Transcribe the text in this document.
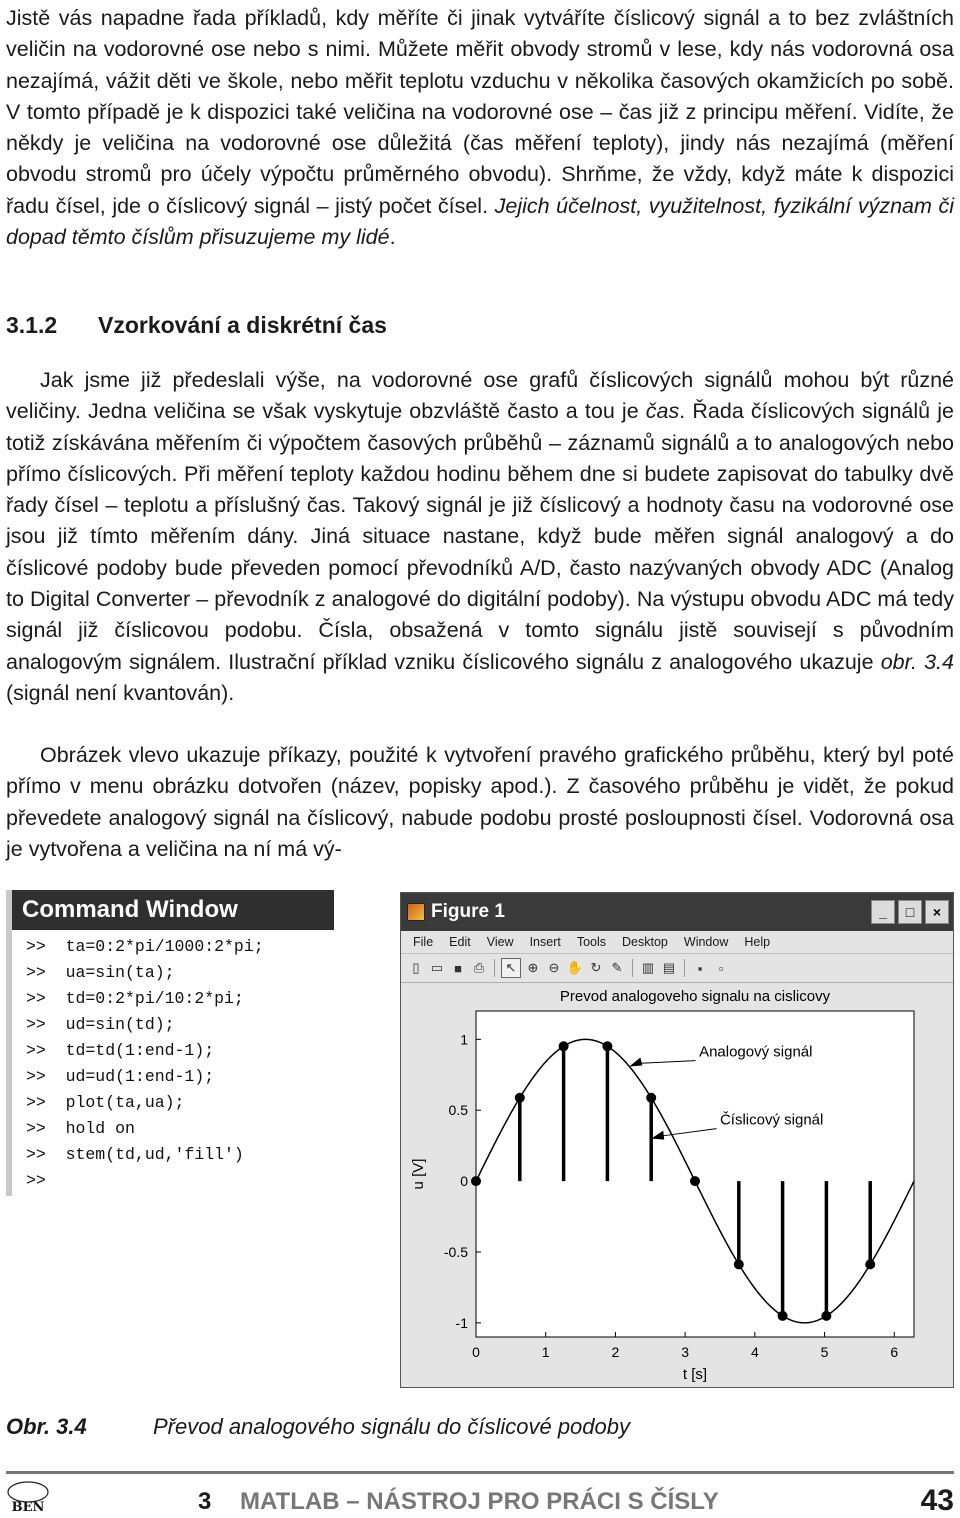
Jistě vás napadne řada příkladů, kdy měříte či jinak vytváříte číslicový signál a to bez zvláštních veličin na vodorovné ose nebo s nimi. Můžete měřit obvody stromů v lese, kdy nás vodorovná osa nezajímá, vážit děti ve škole, nebo měřit teplotu vzduchu v několika časových okamžicích po sobě. V tomto případě je k dispozici také veličina na vodorovné ose – čas již z principu měření. Vidíte, že někdy je veličina na vodorovné ose důležitá (čas měření teploty), jindy nás nezajímá (měření obvodu stromů pro účely výpočtu průměrného obvodu). Shrňme, že vždy, když máte k dispozici řadu čísel, jde o číslicový signál – jistý počet čísel. Jejich účelnost, využitelnost, fyzikální význam či dopad těmto číslům přisuzujeme my lidé.

3.1.2 Vzorkování a diskrétní čas

Jak jsme již předeslali výše, na vodorovné ose grafů číslicových signálů mohou být různé veličiny. Jedna veličina se však vyskytuje obzvláště často a tou je čas. Řada číslicových signálů je totiž získávána měřením či výpočtem časových průběhů – záznamů signálů a to analogových nebo přímo číslicových. Při měření teploty každou hodinu během dne si budete zapisovat do tabulky dvě řady čísel – teplotu a příslušný čas. Takový signál je již číslicový a hodnoty času na vodorovné ose jsou již tímto měřením dány. Jiná situace nastane, když bude měřen signál analogový a do číslicové podoby bude převeden pomocí převodníků A/D, často nazývaných obvody ADC (Analog to Digital Converter – převodník z analogové do digitální podoby). Na výstupu obvodu ADC má tedy signál již číslicovou podobu. Čísla, obsažená v tomto signálu jistě souvisejí s původním analogovým signálem. Ilustrační příklad vzniku číslicového signálu z analogového ukazuje obr. 3.4 (signál není kvantován).

Obrázek vlevo ukazuje příkazy, použité k vytvoření pravého grafického průběhu, který byl poté přímo v menu obrázku dotvořen (název, popisky apod.). Z časového průběhu je vidět, že pokud převedete analogový signál na číslicový, nabude podobu prosté posloupnosti čísel. Vodorovná osa je vytvořena a veličina na ní má vý-

Command Window
>>  ta=0:2*pi/1000:2*pi;
>>  ua=sin(ta);
>>  td=0:2*pi/10:2*pi;
>>  ud=sin(td);
>>  td=td(1:end-1);
>>  ud=ud(1:end-1);
>>  plot(ta,ua);
>>  hold on
>>  stem(td,ud,'fill')
>>
Figure 1	_	□	×
File	Edit	View	Insert	Tools	Desktop	Window	Help
▯ ▭ ■ ⎙	↖ ⊕ ⊖ ✋ ↻ ✎ ▥ ▤	▪	▫
Prevod analogoveho signalu na cislicovy
0	1	2	3	4	5	6
-1
-0.5
0
0.5
1
t [s]
u [V]
Analogový signál
Číslicový signál

Obr. 3.4	Převod analogového signálu do číslicové podoby

BEN	3 MATLAB – NÁSTROJ PRO PRÁCI S ČÍSLY	43
